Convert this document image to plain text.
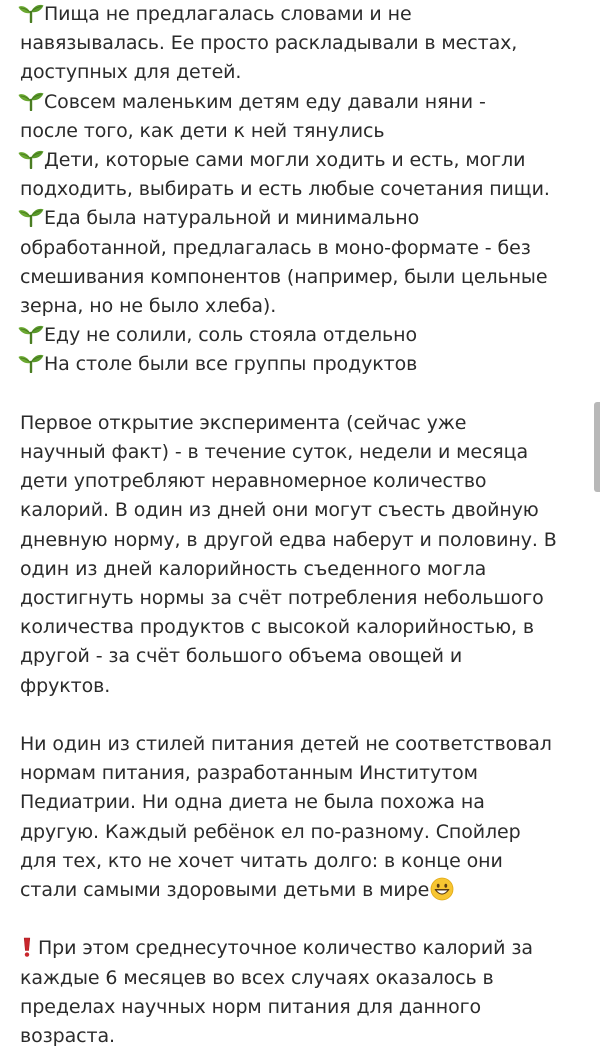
Пища не предлагалась словами и не
навязывалась. Ее просто раскладывали в местах,
доступных для детей.
Совсем маленьким детям еду давали няни -
после того, как дети к ней тянулись
Дети, которые сами могли ходить и есть, могли
подходить, выбирать и есть любые сочетания пищи.
Еда была натуральной и минимально
обработанной, предлагалась в моно-формате - без
смешивания компонентов (например, были цельные
зерна, но не было хлеба).
Еду не солили, соль стояла отдельно
На столе были все группы продуктов
Первое открытие эксперимента (сейчас уже
научный факт) - в течение суток, недели и месяца
дети употребляют неравномерное количество
калорий. В один из дней они могут съесть двойную
дневную норму, в другой едва наберут и половину. В
один из дней калорийность съеденного могла
достигнуть нормы за счёт потребления небольшого
количества продуктов с высокой калорийностью, в
другой - за счёт большого объема овощей и
фруктов.
Ни один из стилей питания детей не соответствовал
нормам питания, разработанным Институтом
Педиатрии. Ни одна диета не была похожа на
другую. Каждый ребёнок ел по-разному. Спойлер
для тех, кто не хочет читать долго: в конце они
стали самыми здоровыми детьми в мире
При этом среднесуточное количество калорий за
каждые 6 месяцев во всех случаях оказалось в
пределах научных норм питания для данного
возраста.
